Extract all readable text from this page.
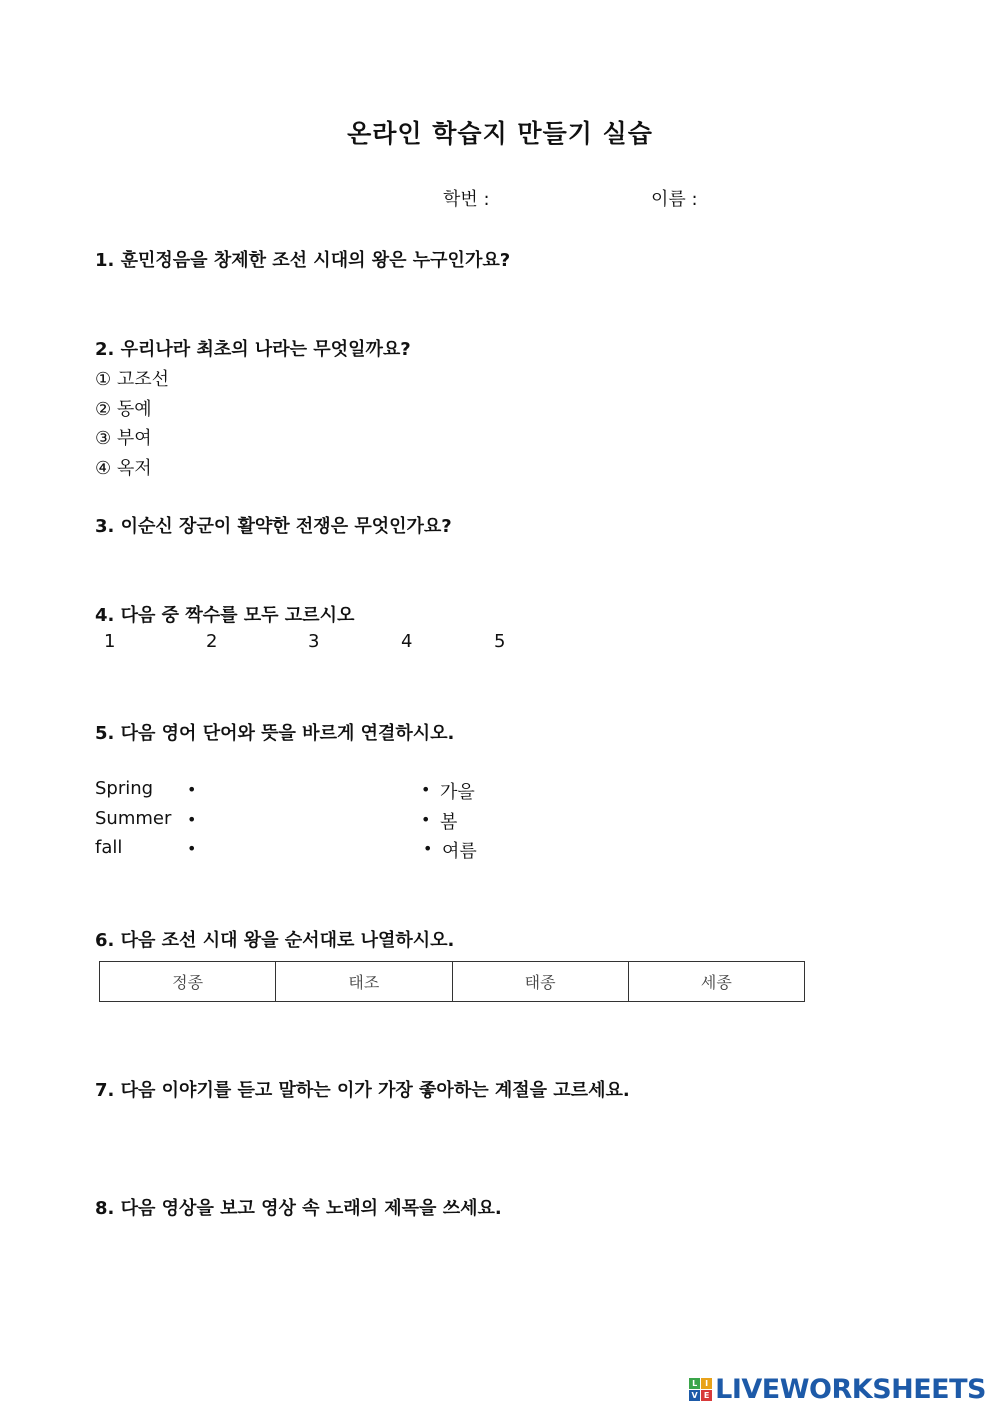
온라인 학습지 만들기 실습
학번 :	이름 :
1. 훈민정음을 창제한 조선 시대의 왕은 누구인가요?
2. 우리나라 최초의 나라는 무엇일까요?
① 고조선
② 동예
③ 부여
④ 옥저
3. 이순신 장군이 활약한 전쟁은 무엇인가요?
4. 다음 중 짝수를 모두 고르시오
1	2	3	4	5
5. 다음 영어 단어와 뜻을 바르게 연결하시오.
Spring
Summer
fall
•
•
•
•
•
•
가을
봄
여름
6. 다음 조선 시대 왕을 순서대로 나열하시오.
정종	태조	태종	세종
7. 다음 이야기를 듣고 말하는 이가 가장 좋아하는 계절을 고르세요.
8. 다음 영상을 보고 영상 속 노래의 제목을 쓰세요.
L I
V E LIVEWORKSHEETS
